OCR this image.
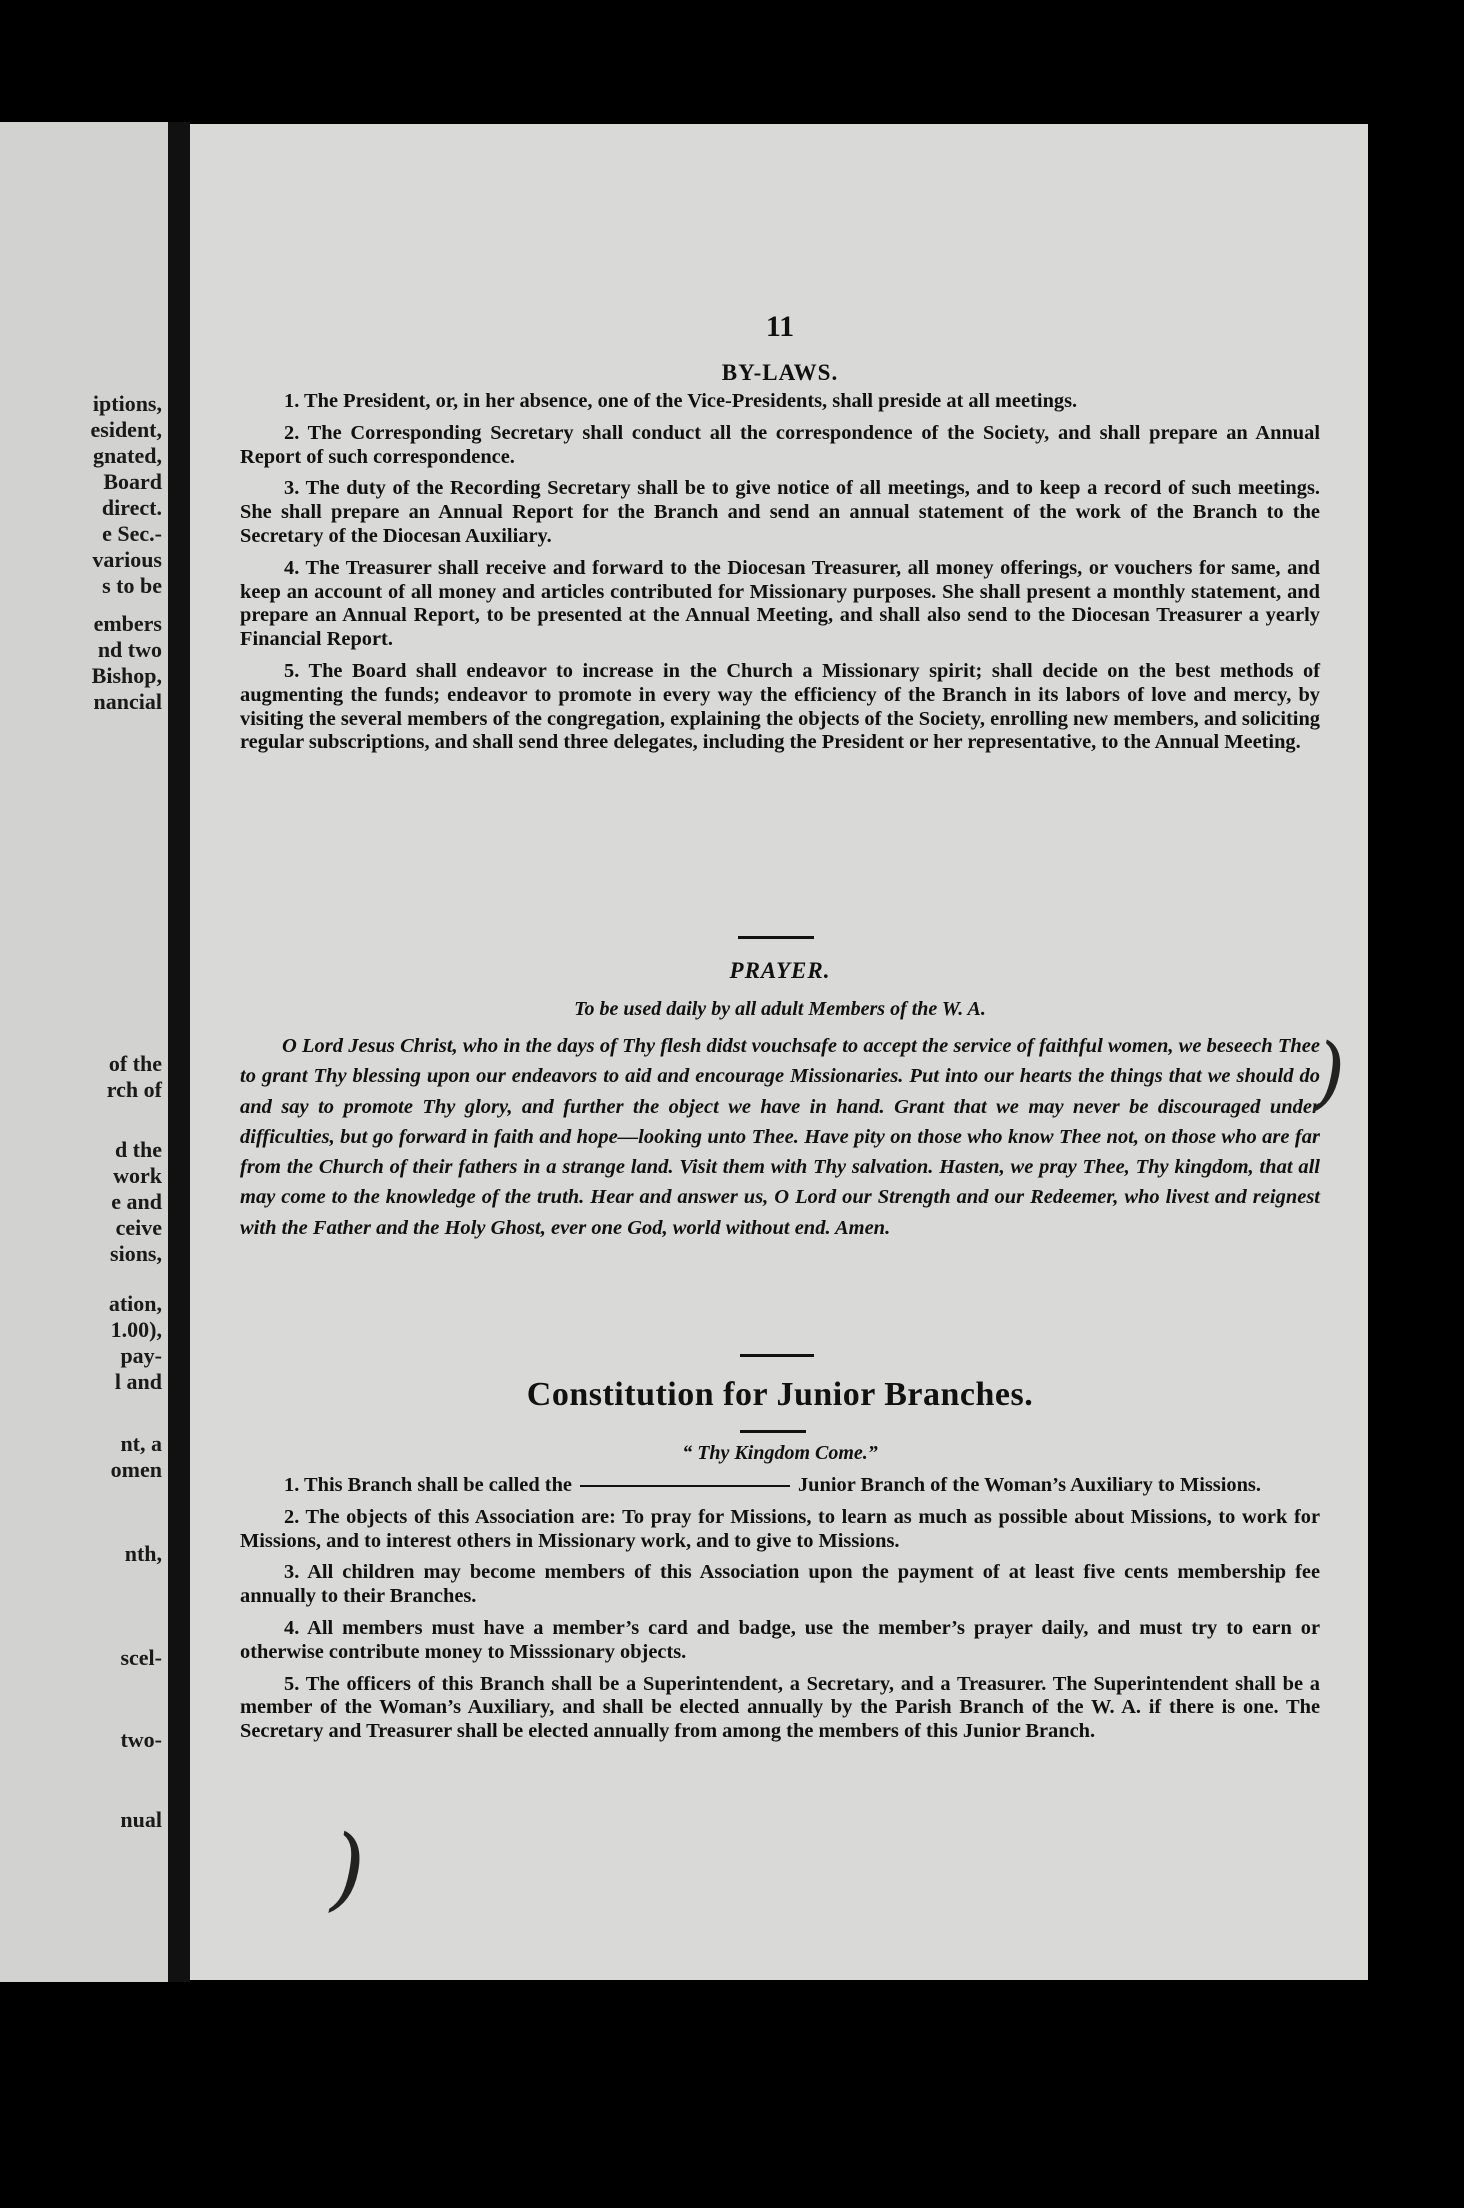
iptions,

esident,

gnated,

Board

direct.

e Sec.-

various

s to be

embers

nd two

Bishop,

nancial

of the

rch of

d the

work

e and

ceive

sions,

ation,

1.00),

pay-

l and

nt, a

omen

nth,

scel-

two-

nual

11
BY-LAWS.

1. The President, or, in her absence, one of the Vice-Presidents, shall preside at all meetings.

2. The Corresponding Secretary shall conduct all the correspondence of the Society, and shall prepare an Annual Report of such correspondence.

3. The duty of the Recording Secretary shall be to give notice of all meetings, and to keep a record of such meetings. She shall prepare an Annual Report for the Branch and send an annual statement of the work of the Branch to the Secretary of the Diocesan Auxiliary.

4. The Treasurer shall receive and forward to the Diocesan Treasurer, all money offerings, or vouchers for same, and keep an account of all money and articles contributed for Missionary purposes. She shall present a monthly statement, and prepare an Annual Report, to be presented at the Annual Meeting, and shall also send to the Diocesan Treasurer a yearly Financial Report.

5. The Board shall endeavor to increase in the Church a Missionary spirit; shall decide on the best methods of augmenting the funds; endeavor to promote in every way the efficiency of the Branch in its labors of love and mercy, by visiting the several members of the congregation, explaining the objects of the Society, enrolling new members, and soliciting regular subscriptions, and shall send three delegates, including the President or her representative, to the Annual Meeting.

PRAYER.
To be used daily by all adult Members of the W. A.

O Lord Jesus Christ, who in the days of Thy flesh didst vouchsafe to accept the service of faithful women, we beseech Thee to grant Thy blessing upon our endeavors to aid and encourage Missionaries. Put into our hearts the things that we should do and say to promote Thy glory, and further the object we have in hand. Grant that we may never be discouraged under difficulties, but go forward in faith and hope—looking unto Thee. Have pity on those who know Thee not, on those who are far from the Church of their fathers in a strange land. Visit them with Thy salvation. Hasten, we pray Thee, Thy kingdom, that all may come to the knowledge of the truth. Hear and answer us, O Lord our Strength and our Redeemer, who livest and reignest with the Father and the Holy Ghost, ever one God, world without end. Amen.

Constitution for Junior Branches.
“ Thy Kingdom Come.”

1. This Branch shall be called the	Junior Branch of the Woman’s Auxiliary to Missions.

2. The objects of this Association are: To pray for Missions, to learn as much as possible about Missions, to work for Missions, and to interest others in Missionary work, and to give to Missions.

3. All children may become members of this Association upon the payment of at least five cents membership fee annually to their Branches.

4. All members must have a member’s card and badge, use the member’s prayer daily, and must try to earn or otherwise contribute money to Misssionary objects.

5. The officers of this Branch shall be a Superintendent, a Secretary, and a Treasurer. The Superintendent shall be a member of the Woman’s Auxiliary, and shall be elected annually by the Parish Branch of the W. A. if there is one. The Secretary and Treasurer shall be elected annually from among the members of this Junior Branch.

)
)
